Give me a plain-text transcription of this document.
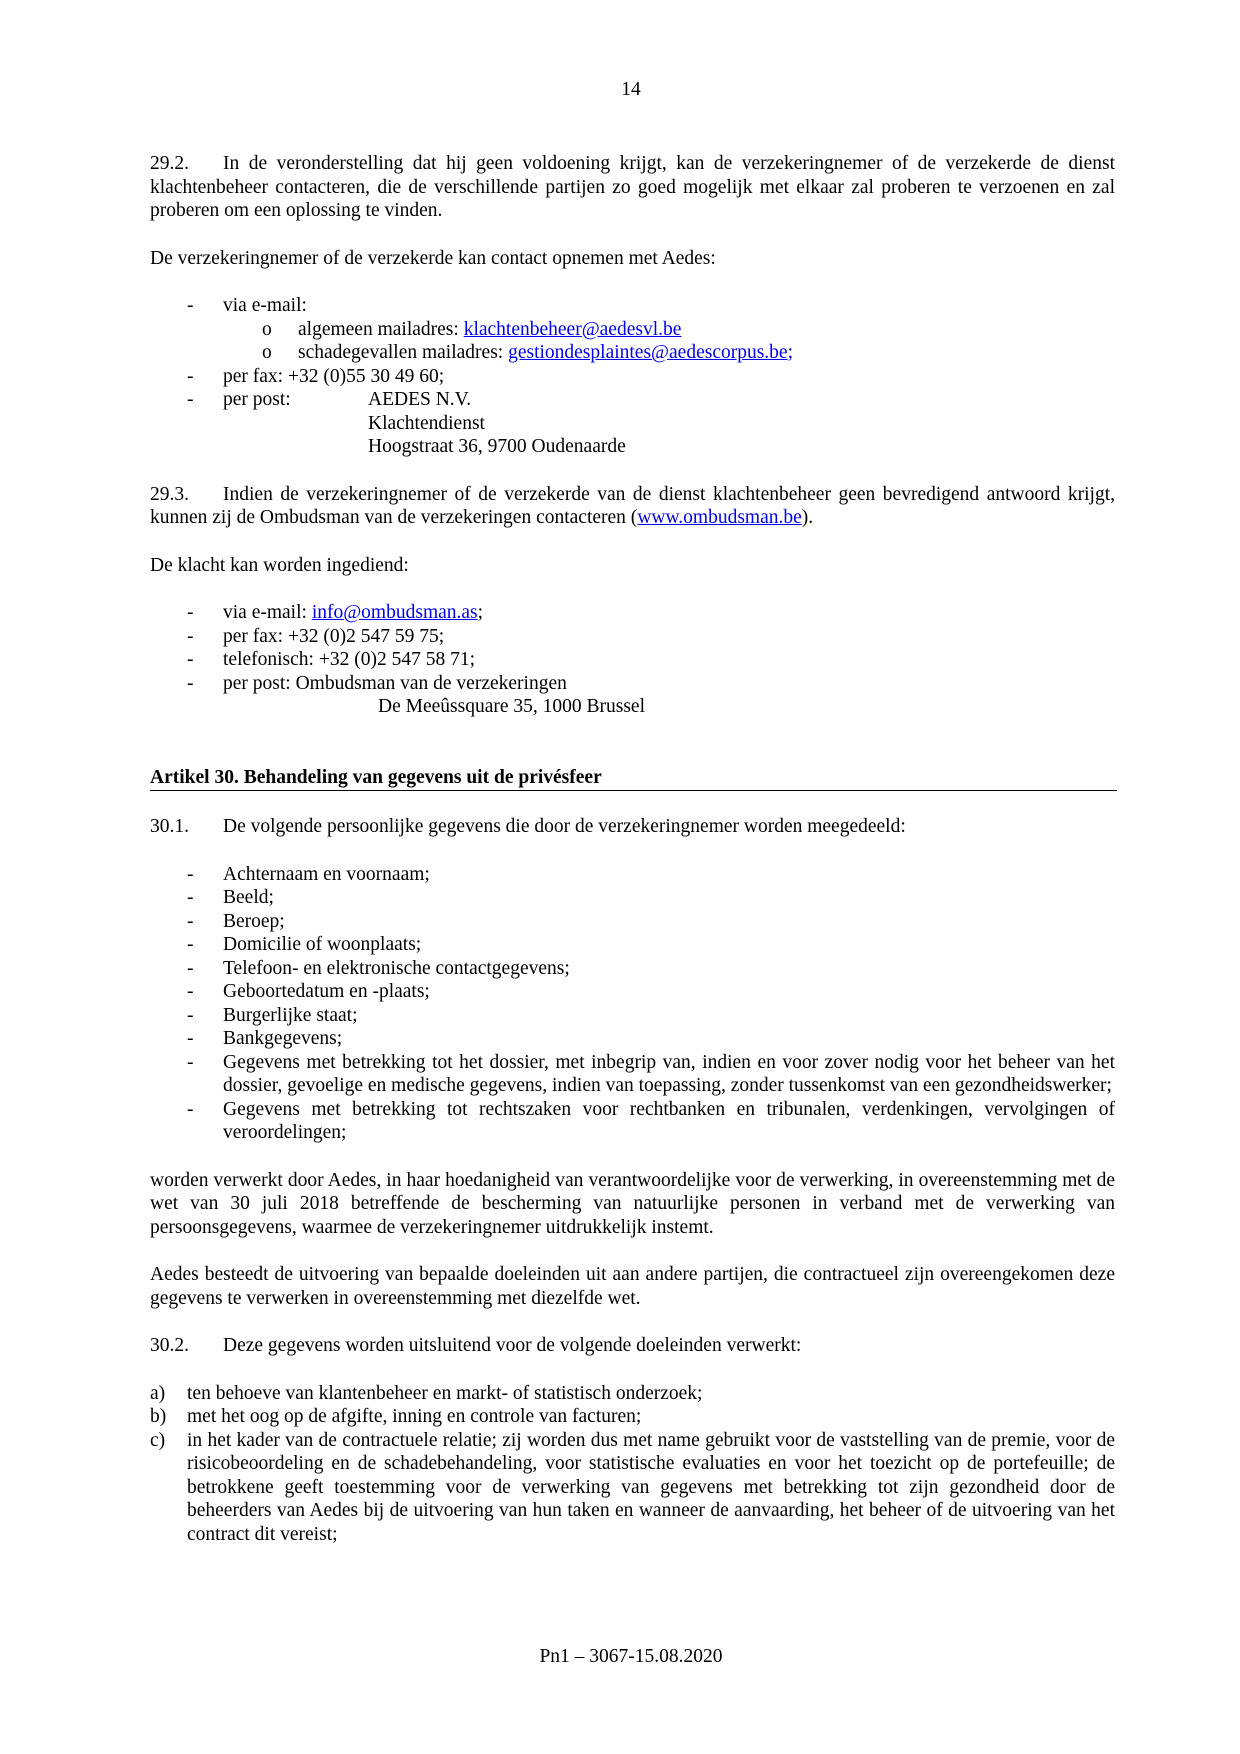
14

29.2. In de veronderstelling dat hij geen voldoening krijgt, kan de verzekeringnemer of de verzekerde de dienst klachtenbeheer contacteren, die de verschillende partijen zo goed mogelijk met elkaar zal proberen te verzoenen en zal proberen om een oplossing te vinden.

De verzekeringnemer of de verzekerde kan contact opnemen met Aedes:

- via e-mail:
o algemeen mailadres: klachtenbeheer@aedesvl.be
o schadegevallen mailadres: gestiondesplaintes@aedescorpus.be;
- per fax: +32 (0)55 30 49 60;
- per post:	AEDES N.V.
Klachtendienst
Hoogstraat 36, 9700 Oudenaarde

29.3. Indien de verzekeringnemer of de verzekerde van de dienst klachtenbeheer geen bevredigend antwoord krijgt, kunnen zij de Ombudsman van de verzekeringen contacteren (www.ombudsman.be).

De klacht kan worden ingediend:

- via e-mail: info@ombudsman.as;
- per fax: +32 (0)2 547 59 75;
- telefonisch: +32 (0)2 547 58 71;
- per post: Ombudsman van de verzekeringen
De Meeûssquare 35, 1000 Brussel
Artikel 30. Behandeling van gegevens uit de privésfeer

30.1. De volgende persoonlijke gegevens die door de verzekeringnemer worden meegedeeld:

- Achternaam en voornaam;
- Beeld;
- Beroep;
- Domicilie of woonplaats;
- Telefoon- en elektronische contactgegevens;
- Geboortedatum en -plaats;
- Burgerlijke staat;
- Bankgegevens;
- Gegevens met betrekking tot het dossier, met inbegrip van, indien en voor zover nodig voor het beheer van het dossier, gevoelige en medische gegevens, indien van toepassing, zonder tussenkomst van een gezondheidswerker;
- Gegevens met betrekking tot rechtszaken voor rechtbanken en tribunalen, verdenkingen, vervolgingen of veroordelingen;

worden verwerkt door Aedes, in haar hoedanigheid van verantwoordelijke voor de verwerking, in overeenstemming met de wet van 30 juli 2018 betreffende de bescherming van natuurlijke personen in verband met de verwerking van persoonsgegevens, waarmee de verzekeringnemer uitdrukkelijk instemt.

Aedes besteedt de uitvoering van bepaalde doeleinden uit aan andere partijen, die contractueel zijn overeengekomen deze gegevens te verwerken in overeenstemming met diezelfde wet.

30.2. Deze gegevens worden uitsluitend voor de volgende doeleinden verwerkt:

a) ten behoeve van klantenbeheer en markt- of statistisch onderzoek;
b) met het oog op de afgifte, inning en controle van facturen;
c) in het kader van de contractuele relatie; zij worden dus met name gebruikt voor de vaststelling van de premie, voor de risicobeoordeling en de schadebehandeling, voor statistische evaluaties en voor het toezicht op de portefeuille; de betrokkene geeft toestemming voor de verwerking van gegevens met betrekking tot zijn gezondheid door de beheerders van Aedes bij de uitvoering van hun taken en wanneer de aanvaarding, het beheer of de uitvoering van het contract dit vereist;
Pn1 – 3067-15.08.2020
